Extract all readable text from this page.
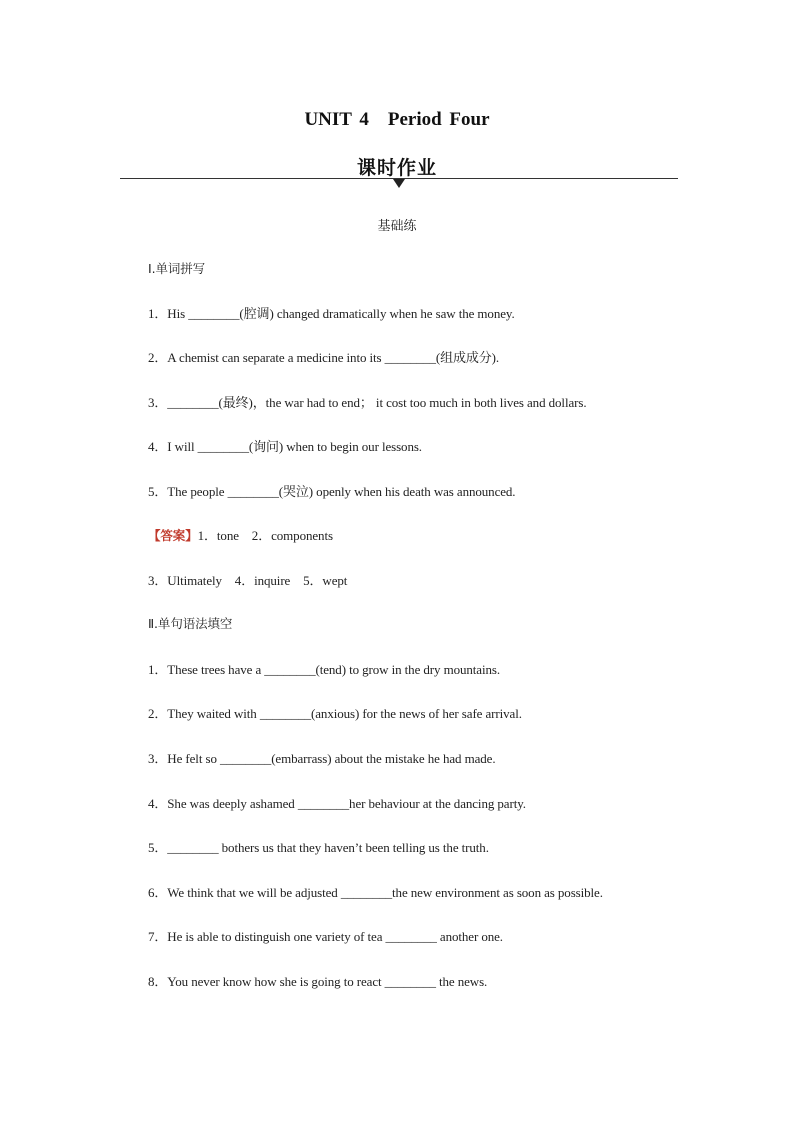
UNIT 4　Period Four
课时作业
基础练
Ⅰ.单词拼写
1．His ________(腔调) changed dramatically when he saw the money.
2．A chemist can separate a medicine into its ________(组成成分).
3．________(最终)，the war had to end； it cost too much in both lives and dollars.
4．I will ________(询问) when to begin our lessons.
5．The people ________(哭泣) openly when his death was announced.
【答案】1．tone　2．components
3．Ultimately　4．inquire　5．wept
Ⅱ.单句语法填空
1．These trees have a ________(tend) to grow in the dry mountains.
2．They waited with ________(anxious) for the news of her safe arrival.
3．He felt so ________(embarrass) about the mistake he had made.
4．She was deeply ashamed ________her behaviour at the dancing party.
5．________ bothers us that they haven’t been telling us the truth.
6．We think that we will be adjusted ________the new environment as soon as possible.
7．He is able to distinguish one variety of tea ________ another one.
8．You never know how she is going to react ________ the news.
